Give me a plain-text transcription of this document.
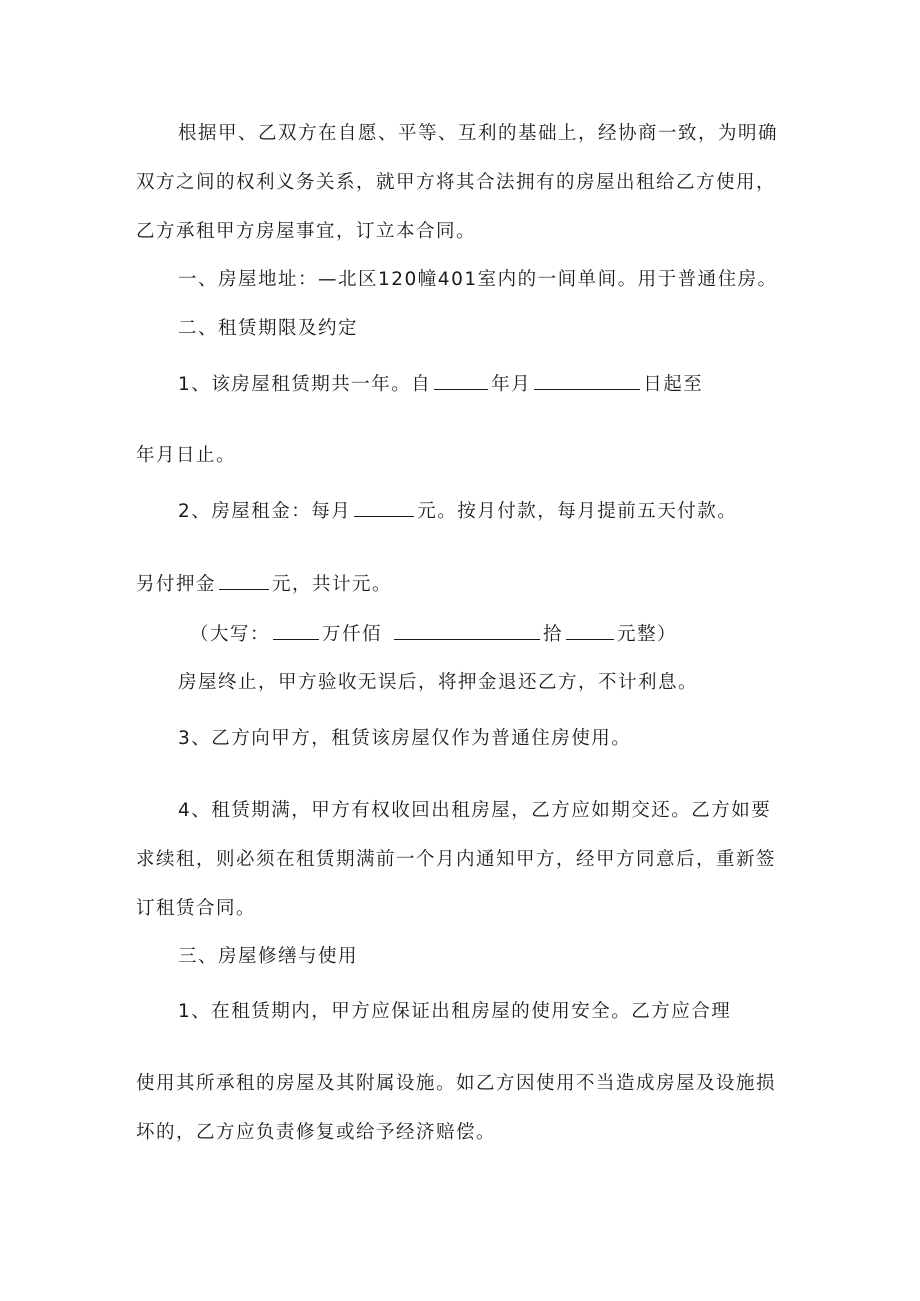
根据甲、乙双方在自愿、平等、互利的基础上，经协商一致，为明确

双方之间的权利义务关系，就甲方将其合法拥有的房屋出租给乙方使用，

乙方承租甲方房屋事宜，订立本合同。

一、房屋地址：—北区120幢401室内的一间单间。用于普通住房。

二、租赁期限及约定

1、该房屋租赁期共一年。自	年月	日起至

年月日止。

2、房屋租金：每月	元。按月付款，每月提前五天付款。

另付押金	元，共计元。

（大写：	万仟佰	拾	元整）

房屋终止，甲方验收无误后，将押金退还乙方，不计利息。

3、乙方向甲方，租赁该房屋仅作为普通住房使用。

4、租赁期满，甲方有权收回出租房屋，乙方应如期交还。乙方如要

求续租，则必须在租赁期满前一个月内通知甲方，经甲方同意后，重新签

订租赁合同。

三、房屋修缮与使用

1、在租赁期内，甲方应保证出租房屋的使用安全。乙方应合理

使用其所承租的房屋及其附属设施。如乙方因使用不当造成房屋及设施损

坏的，乙方应负责修复或给予经济赔偿。
